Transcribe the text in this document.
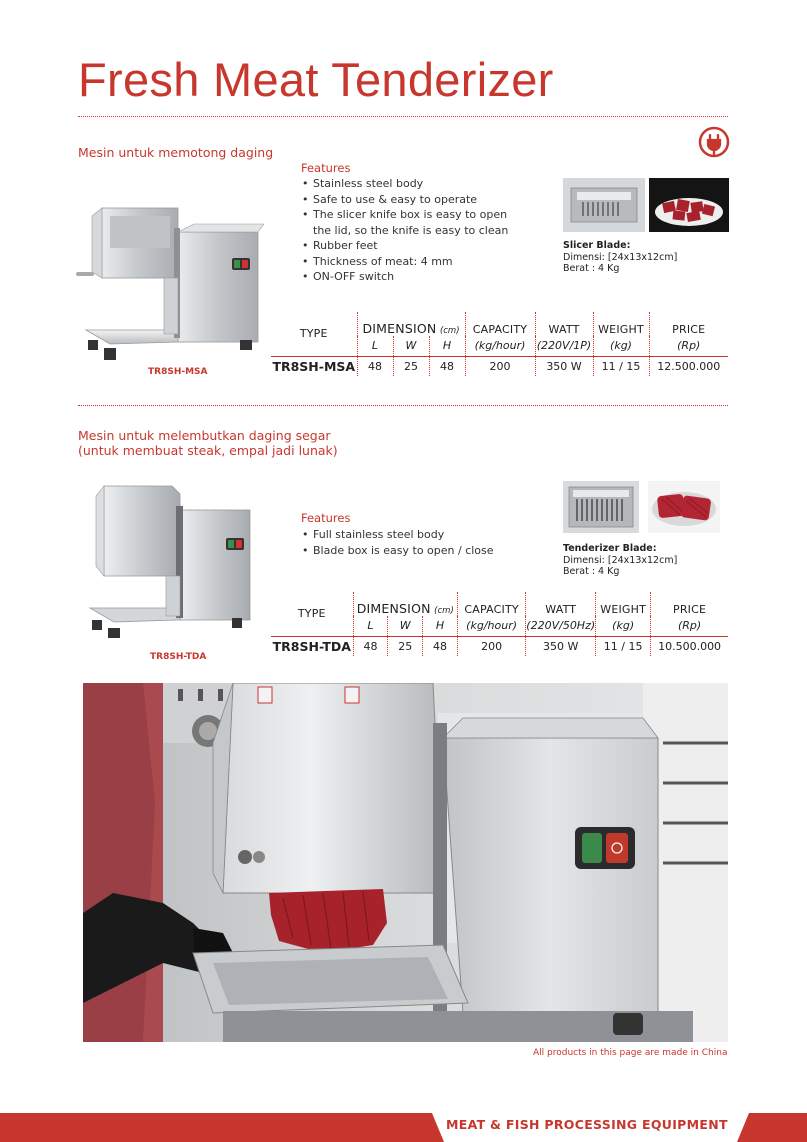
Fresh Meat Tenderizer
Mesin untuk memotong daging
TR8SH-MSA
Features
• Stainless steel body
• Safe to use & easy to operate
• The slicer knife box is easy to open the lid, so the knife is easy to clean
• Rubber feet
• Thickness of meat: 4 mm
• ON-OFF switch
Slicer Blade:
Dimensi: [24x13x12cm]
Berat : 4 Kg
TYPE	DIMENSION (cm)			CAPACITY	WATT	WEIGHT	PRICE
	L	W	H	(kg/hour)	(220V/1P)	(kg)	(Rp)
TR8SH-MSA	48	25	48	200	350 W	11 / 15	12.500.000
Mesin untuk melembutkan daging segar
(untuk membuat steak, empal jadi lunak)
TR8SH-TDA
Features
• Full stainless steel body
• Blade box is easy to open / close	Tenderizer Blade:
Dimensi: [24x13x12cm]
Berat : 4 Kg
TYPE	DIMENSION (cm)			CAPACITY	WATT	WEIGHT	PRICE
	L	W	H	(kg/hour)	(220V/50Hz)	(kg)	(Rp)
TR8SH-TDA	48	25	48	200	350 W	11 / 15	10.500.000
All products in this page are made in China
MEAT & FISH PROCESSING EQUIPMENT
